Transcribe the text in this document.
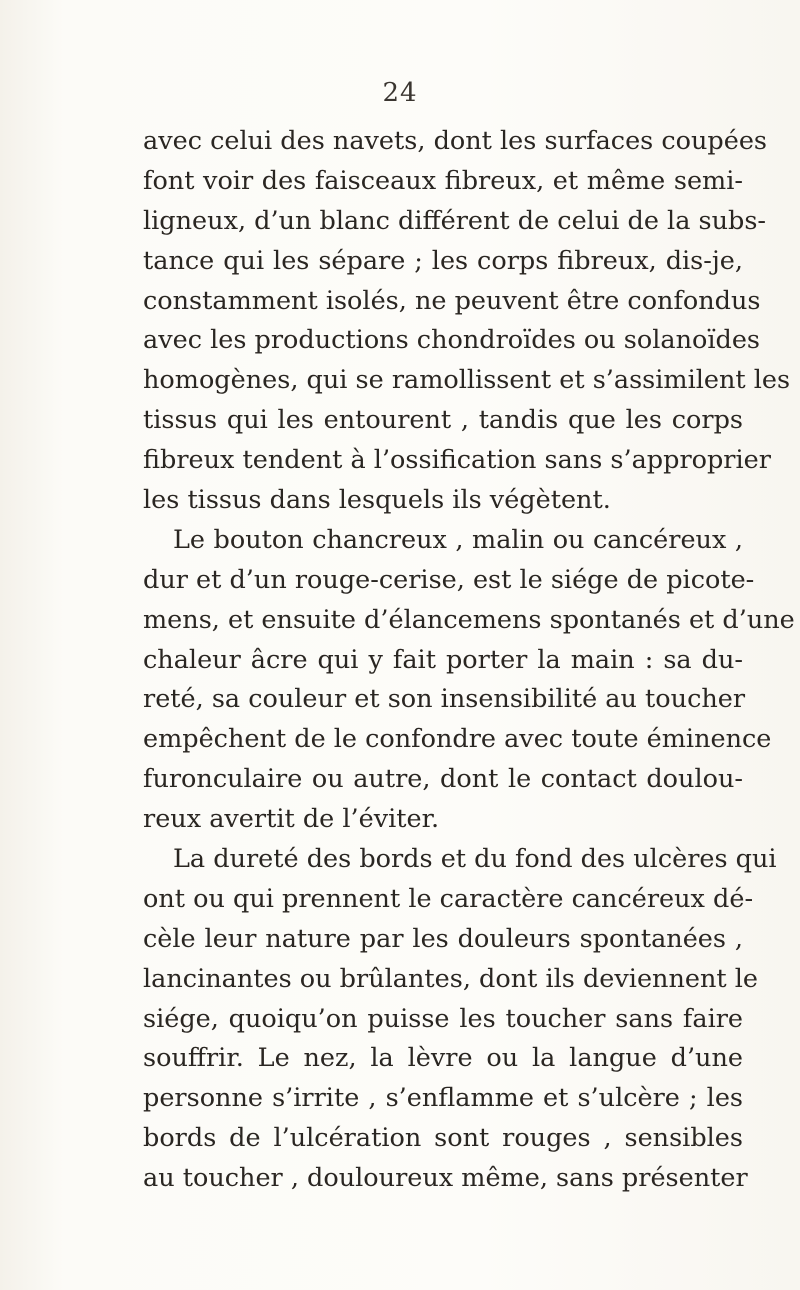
24
avec celui des navets, dont les surfaces coupées
font voir des faisceaux fibreux, et même semi-
ligneux, d’un blanc différent de celui de la subs-
tance qui les sépare ; les corps fibreux, dis-je,
constamment isolés, ne peuvent être confondus
avec les productions chondroïdes ou solanoïdes
homogènes, qui se ramollissent et s’assimilent les
tissus qui les entourent , tandis que les corps
fibreux tendent à l’ossification sans s’approprier
les tissus dans lesquels ils végètent.
Le bouton chancreux , malin ou cancéreux ,
dur et d’un rouge-cerise, est le siége de picote-
mens, et ensuite d’élancemens spontanés et d’une
chaleur âcre qui y fait porter la main : sa du-
reté, sa couleur et son insensibilité au toucher
empêchent de le confondre avec toute éminence
furonculaire ou autre, dont le contact doulou-
reux avertit de l’éviter.
La dureté des bords et du fond des ulcères qui
ont ou qui prennent le caractère cancéreux dé-
cèle leur nature par les douleurs spontanées ,
lancinantes ou brûlantes, dont ils deviennent le
siége, quoiqu’on puisse les toucher sans faire
souffrir. Le nez, la lèvre ou la langue d’une
personne s’irrite , s’enflamme et s’ulcère ; les
bords de l’ulcération sont rouges , sensibles
au toucher , douloureux même, sans présenter
